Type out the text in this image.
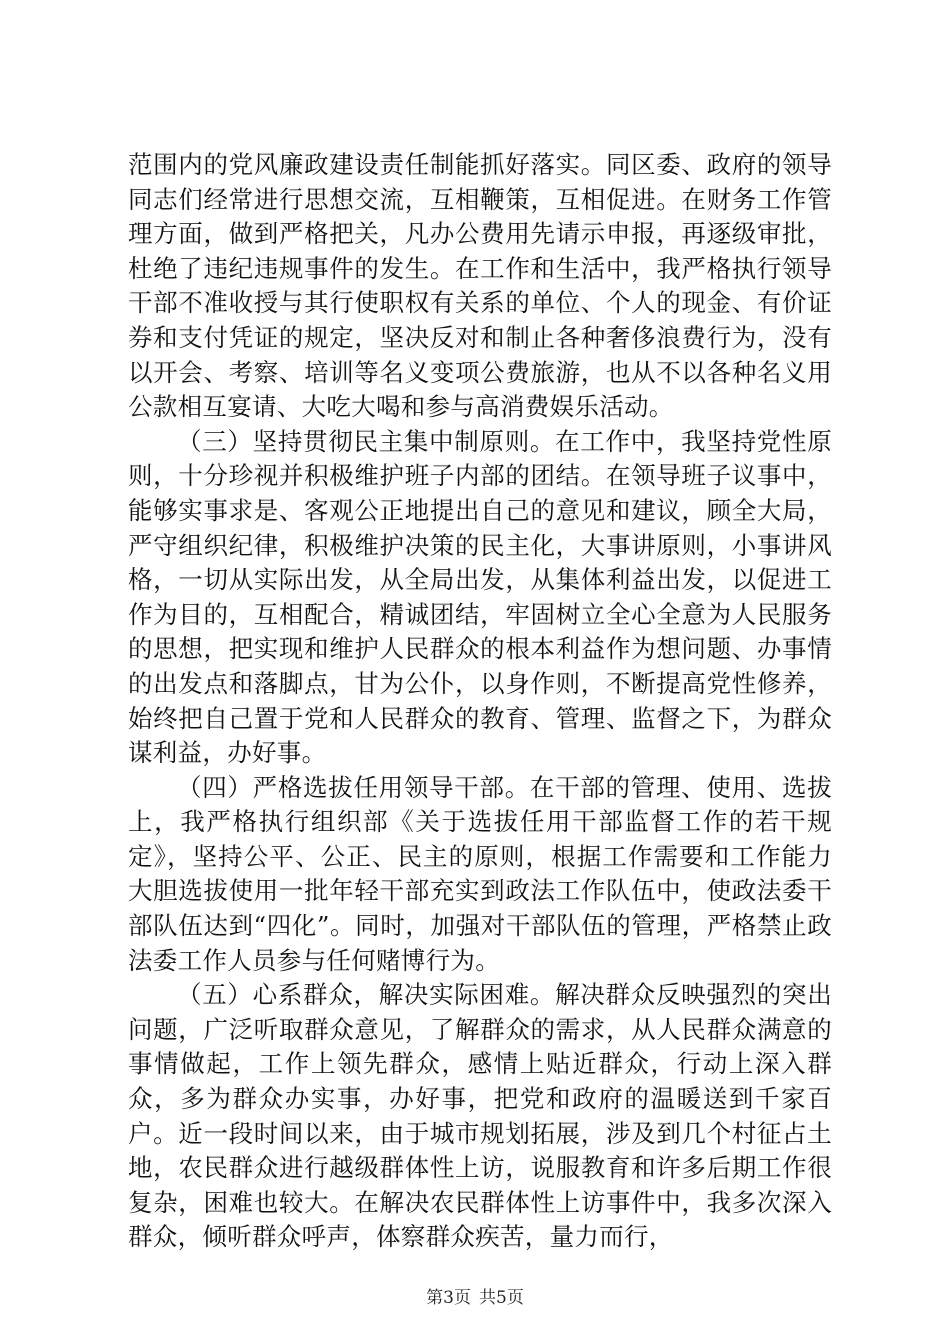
范围内的党风廉政建设责任制能抓好落实。同区委、政府的领导同志们经常进行思想交流，互相鞭策，互相促进。在财务工作管理方面，做到严格把关，凡办公费用先请示申报，再逐级审批，杜绝了违纪违规事件的发生。在工作和生活中，我严格执行领导干部不准收授与其行使职权有关系的单位、个人的现金、有价证券和支付凭证的规定，坚决反对和制止各种奢侈浪费行为，没有以开会、考察、培训等名义变项公费旅游，也从不以各种名义用公款相互宴请、大吃大喝和参与高消费娱乐活动。

（三）坚持贯彻民主集中制原则。在工作中，我坚持党性原则，十分珍视并积极维护班子内部的团结。在领导班子议事中，能够实事求是、客观公正地提出自己的意见和建议，顾全大局，严守组织纪律，积极维护决策的民主化，大事讲原则，小事讲风格，一切从实际出发，从全局出发，从集体利益出发，以促进工作为目的，互相配合，精诚团结，牢固树立全心全意为人民服务的思想，把实现和维护人民群众的根本利益作为想问题、办事情的出发点和落脚点，甘为公仆，以身作则，不断提高党性修养，始终把自己置于党和人民群众的教育、管理、监督之下，为群众谋利益，办好事。

（四）严格选拔任用领导干部。在干部的管理、使用、选拔上，我严格执行组织部《关于选拔任用干部监督工作的若干规定》，坚持公平、公正、民主的原则，根据工作需要和工作能力大胆选拔使用一批年轻干部充实到政法工作队伍中，使政法委干部队伍达到“四化”。同时，加强对干部队伍的管理，严格禁止政法委工作人员参与任何赌博行为。

（五）心系群众，解决实际困难。解决群众反映强烈的突出问题，广泛听取群众意见，了解群众的需求，从人民群众满意的事情做起，工作上领先群众，感情上贴近群众，行动上深入群众，多为群众办实事，办好事，把党和政府的温暖送到千家百户。近一段时间以来，由于城市规划拓展，涉及到几个村征占土地，农民群众进行越级群体性上访，说服教育和许多后期工作很复杂，困难也较大。在解决农民群体性上访事件中，我多次深入群众，倾听群众呼声，体察群众疾苦，量力而行，

第3页 共5页
